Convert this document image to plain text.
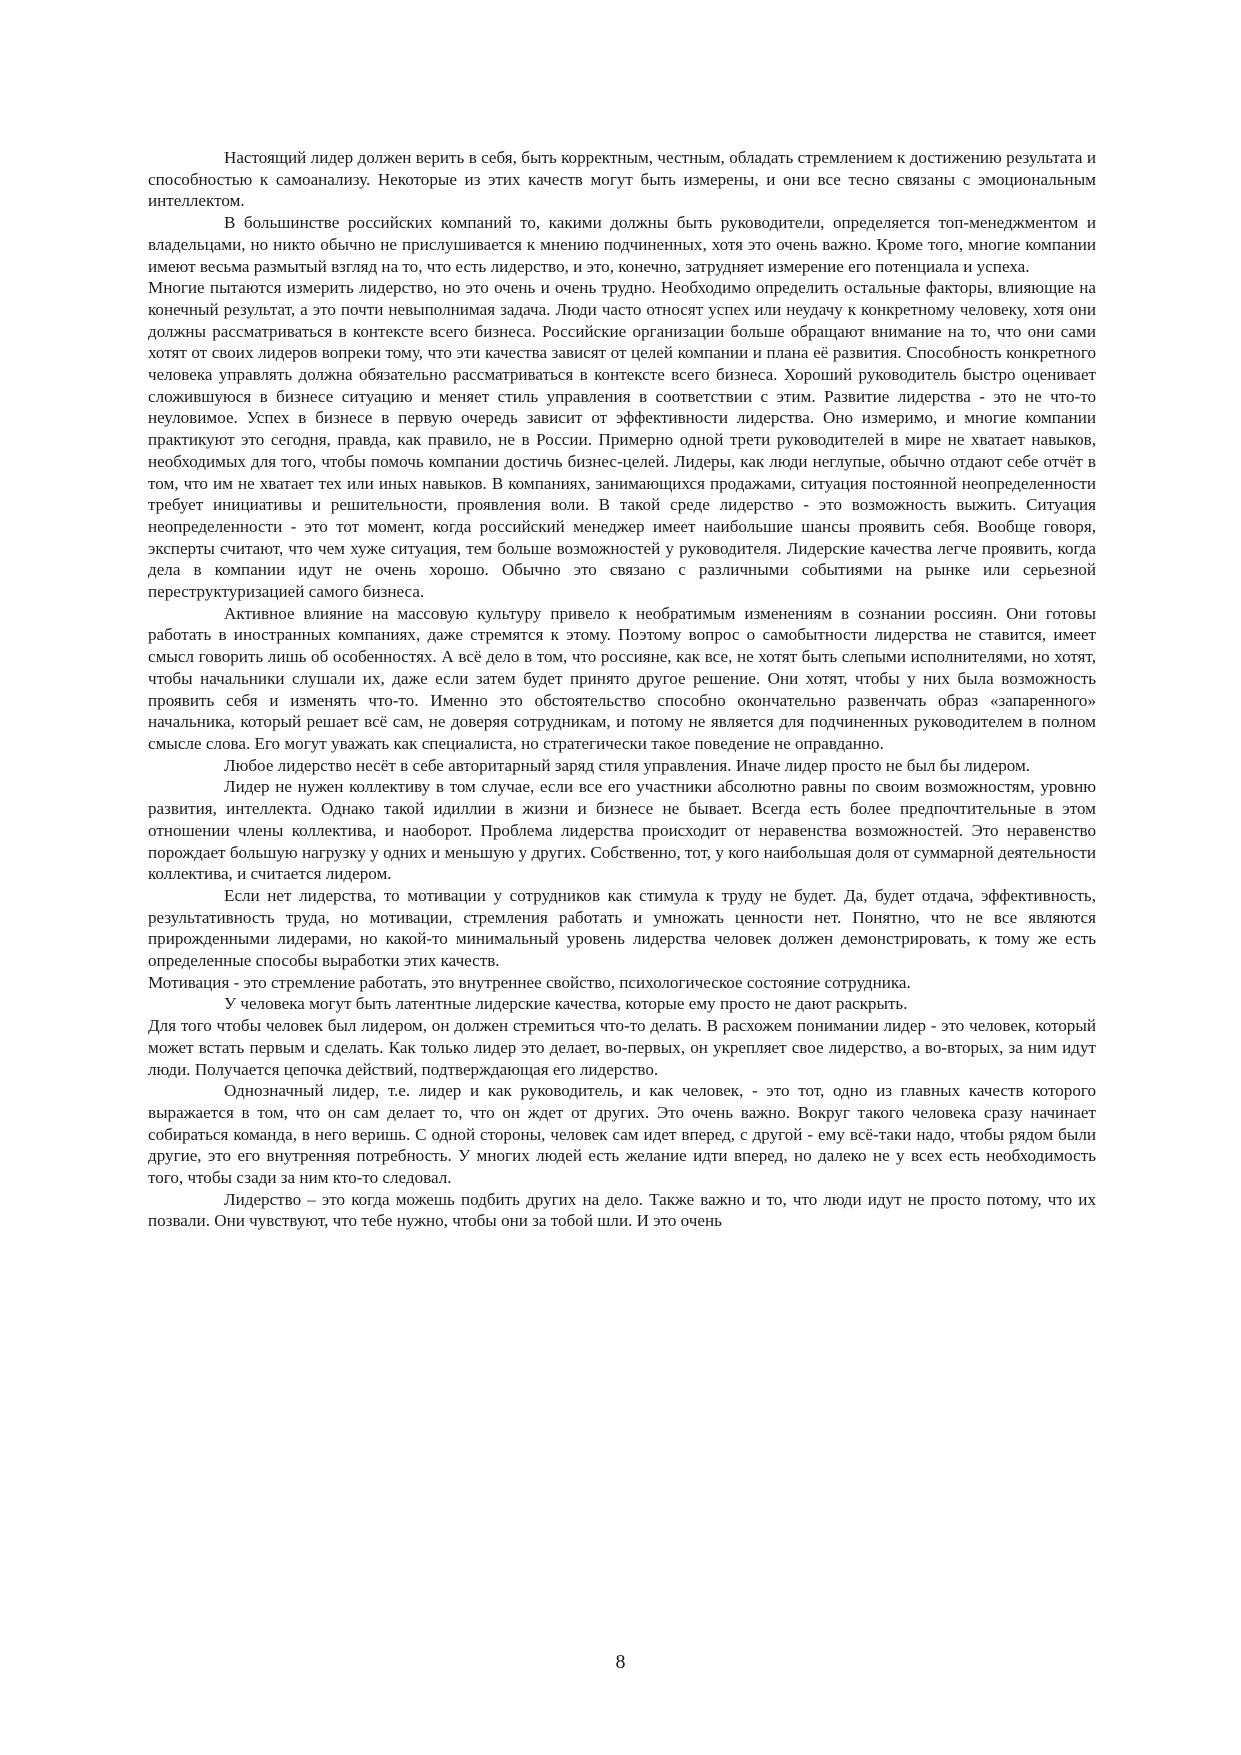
Настоящий лидер должен верить в себя, быть корректным, честным, обладать стремлением к достижению результата и способностью к самоанализу. Некоторые из этих качеств могут быть измерены, и они все тесно связаны с эмоциональным интеллектом.

В большинстве российских компаний то, какими должны быть руководители, определяется топ-менеджментом и владельцами, но никто обычно не прислушивается к мнению подчиненных, хотя это очень важно. Кроме того, многие компании имеют весьма размытый взгляд на то, что есть лидерство, и это, конечно, затрудняет измерение его потенциала и успеха.

Многие пытаются измерить лидерство, но это очень и очень трудно. Необходимо определить остальные факторы, влияющие на конечный результат, а это почти невыполнимая задача. Люди часто относят успех или неудачу к конкретному человеку, хотя они должны рассматриваться в контексте всего бизнеса. Российские организации больше обращают внимание на то, что они сами хотят от своих лидеров вопреки тому, что эти качества зависят от целей компании и плана её развития. Способность конкретного человека управлять должна обязательно рассматриваться в контексте всего бизнеса. Хороший руководитель быстро оценивает сложившуюся в бизнесе ситуацию и меняет стиль управления в соответствии с этим. Развитие лидерства - это не что-то неуловимое. Успех в бизнесе в первую очередь зависит от эффективности лидерства. Оно измеримо, и многие компании практикуют это сегодня, правда, как правило, не в России. Примерно одной трети руководителей в мире не хватает навыков, необходимых для того, чтобы помочь компании достичь бизнес-целей. Лидеры, как люди неглупые, обычно отдают себе отчёт в том, что им не хватает тех или иных навыков. В компаниях, занимающихся продажами, ситуация постоянной неопределенности требует инициативы и решительности, проявления воли. В такой среде лидерство - это возможность выжить. Ситуация неопределенности - это тот момент, когда российский менеджер имеет наибольшие шансы проявить себя. Вообще говоря, эксперты считают, что чем хуже ситуация, тем больше возможностей у руководителя. Лидерские качества легче проявить, когда дела в компании идут не очень хорошо. Обычно это связано с различными событиями на рынке или серьезной переструктуризацией самого бизнеса.

Активное влияние на массовую культуру привело к необратимым изменениям в сознании россиян. Они готовы работать в иностранных компаниях, даже стремятся к этому. Поэтому вопрос о самобытности лидерства не ставится, имеет смысл говорить лишь об особенностях. А всё дело в том, что россияне, как все, не хотят быть слепыми исполнителями, но хотят, чтобы начальники слушали их, даже если затем будет принято другое решение. Они хотят, чтобы у них была возможность проявить себя и изменять что-то. Именно это обстоятельство способно окончательно развенчать образ «запаренного» начальника, который решает всё сам, не доверяя сотрудникам, и потому не является для подчиненных руководителем в полном смысле слова. Его могут уважать как специалиста, но стратегически такое поведение не оправданно.

Любое лидерство несёт в себе авторитарный заряд стиля управления. Иначе лидер просто не был бы лидером.

Лидер не нужен коллективу в том случае, если все его участники абсолютно равны по своим возможностям, уровню развития, интеллекта. Однако такой идиллии в жизни и бизнесе не бывает. Всегда есть более предпочтительные в этом отношении члены коллектива, и наоборот. Проблема лидерства происходит от неравенства возможностей. Это неравенство порождает большую нагрузку у одних и меньшую у других. Собственно, тот, у кого наибольшая доля от суммарной деятельности коллектива, и считается лидером.

Если нет лидерства, то мотивации у сотрудников как стимула к труду не будет. Да, будет отдача, эффективность, результативность труда, но мотивации, стремления работать и умножать ценности нет. Понятно, что не все являются прирожденными лидерами, но какой-то минимальный уровень лидерства человек должен демонстрировать, к тому же есть определенные способы выработки этих качеств.

Мотивация - это стремление работать, это внутреннее свойство, психологическое состояние сотрудника.

У человека могут быть латентные лидерские качества, которые ему просто не дают раскрыть.

Для того чтобы человек был лидером, он должен стремиться что-то делать. В расхожем понимании лидер - это человек, который может встать первым и сделать. Как только лидер это делает, во-первых, он укрепляет свое лидерство, а во-вторых, за ним идут люди. Получается цепочка действий, подтверждающая его лидерство.

Однозначный лидер, т.е. лидер и как руководитель, и как человек, - это тот, одно из главных качеств которого выражается в том, что он сам делает то, что он ждет от других. Это очень важно. Вокруг такого человека сразу начинает собираться команда, в него веришь. С одной стороны, человек сам идет вперед, с другой - ему всё-таки надо, чтобы рядом были другие, это его внутренняя потребность. У многих людей есть желание идти вперед, но далеко не у всех есть необходимость того, чтобы сзади за ним кто-то следовал.

Лидерство – это когда можешь подбить других на дело. Также важно и то, что люди идут не просто потому, что их позвали. Они чувствуют, что тебе нужно, чтобы они за тобой шли. И это очень

8
